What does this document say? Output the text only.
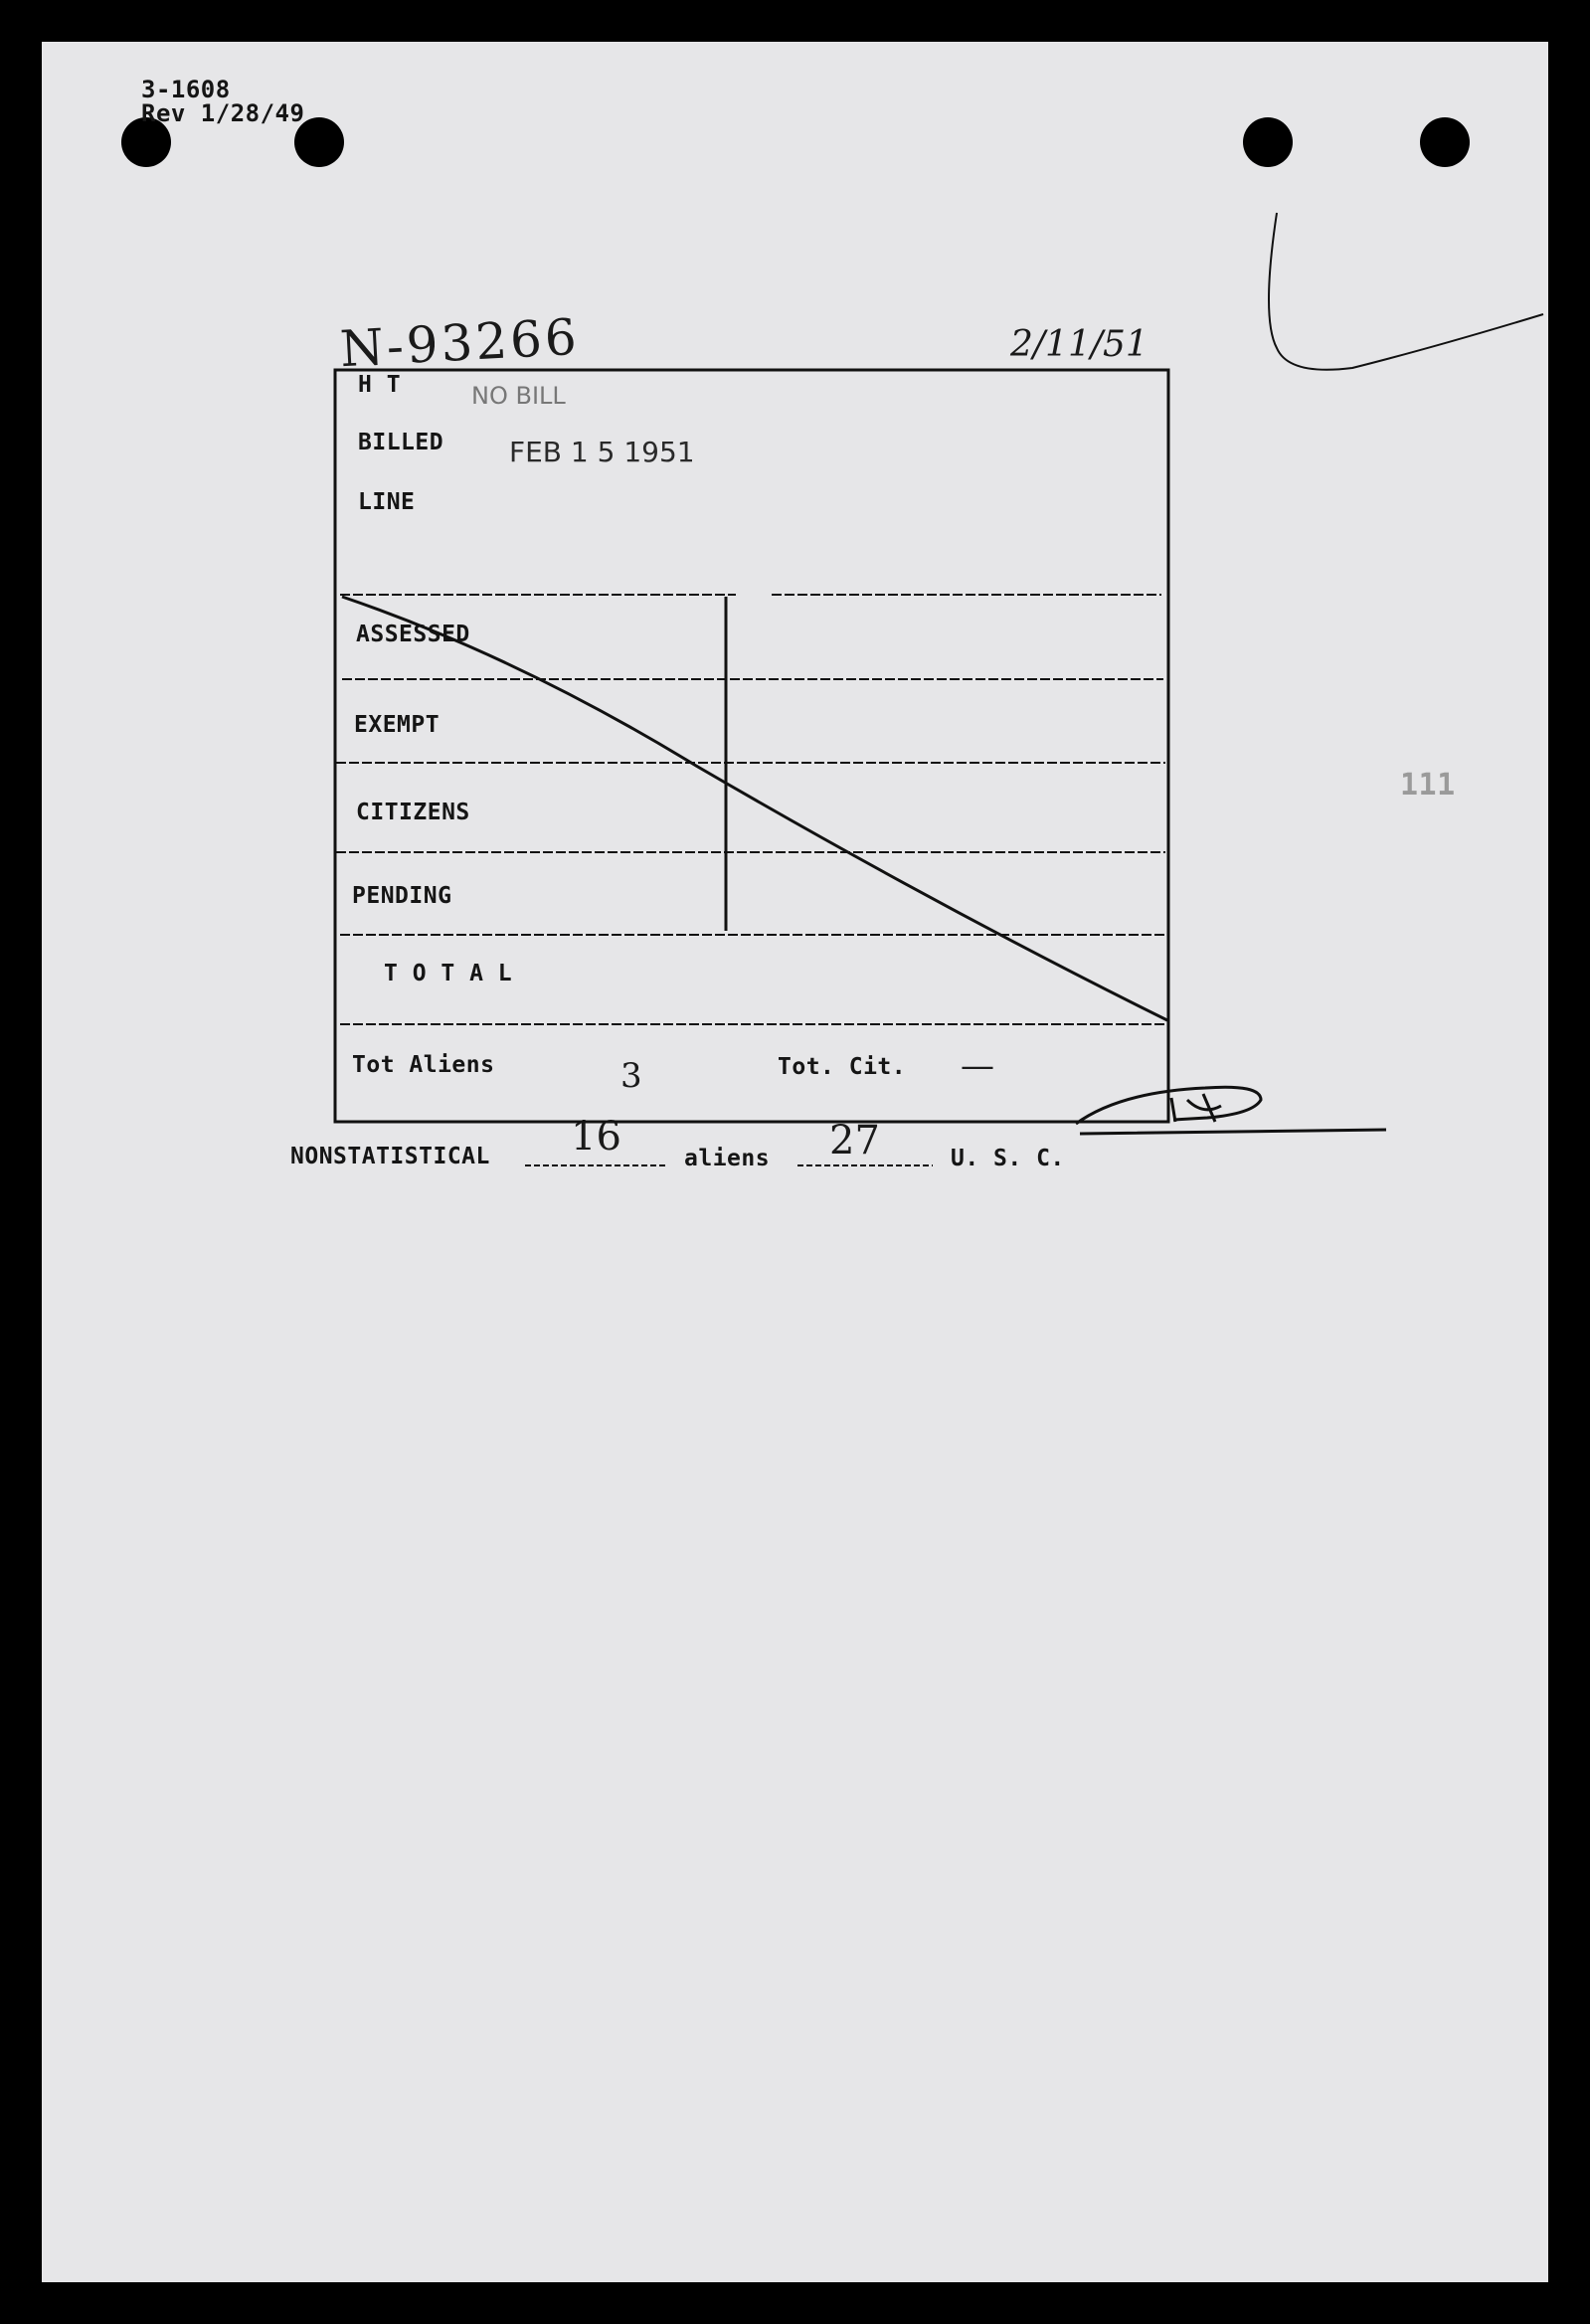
3-1608
Rev 1/28/49
N-93266	2/11/51
H T	NO BILL
BILLED FEB 1 5 1951
LINE
ASSESSED
EXEMPT
CITIZENS
PENDING
T O T A L
Tot Aliens	3	Tot. Cit. —
111
NONSTATISTICAL 16	aliens 27	U. S. C.
